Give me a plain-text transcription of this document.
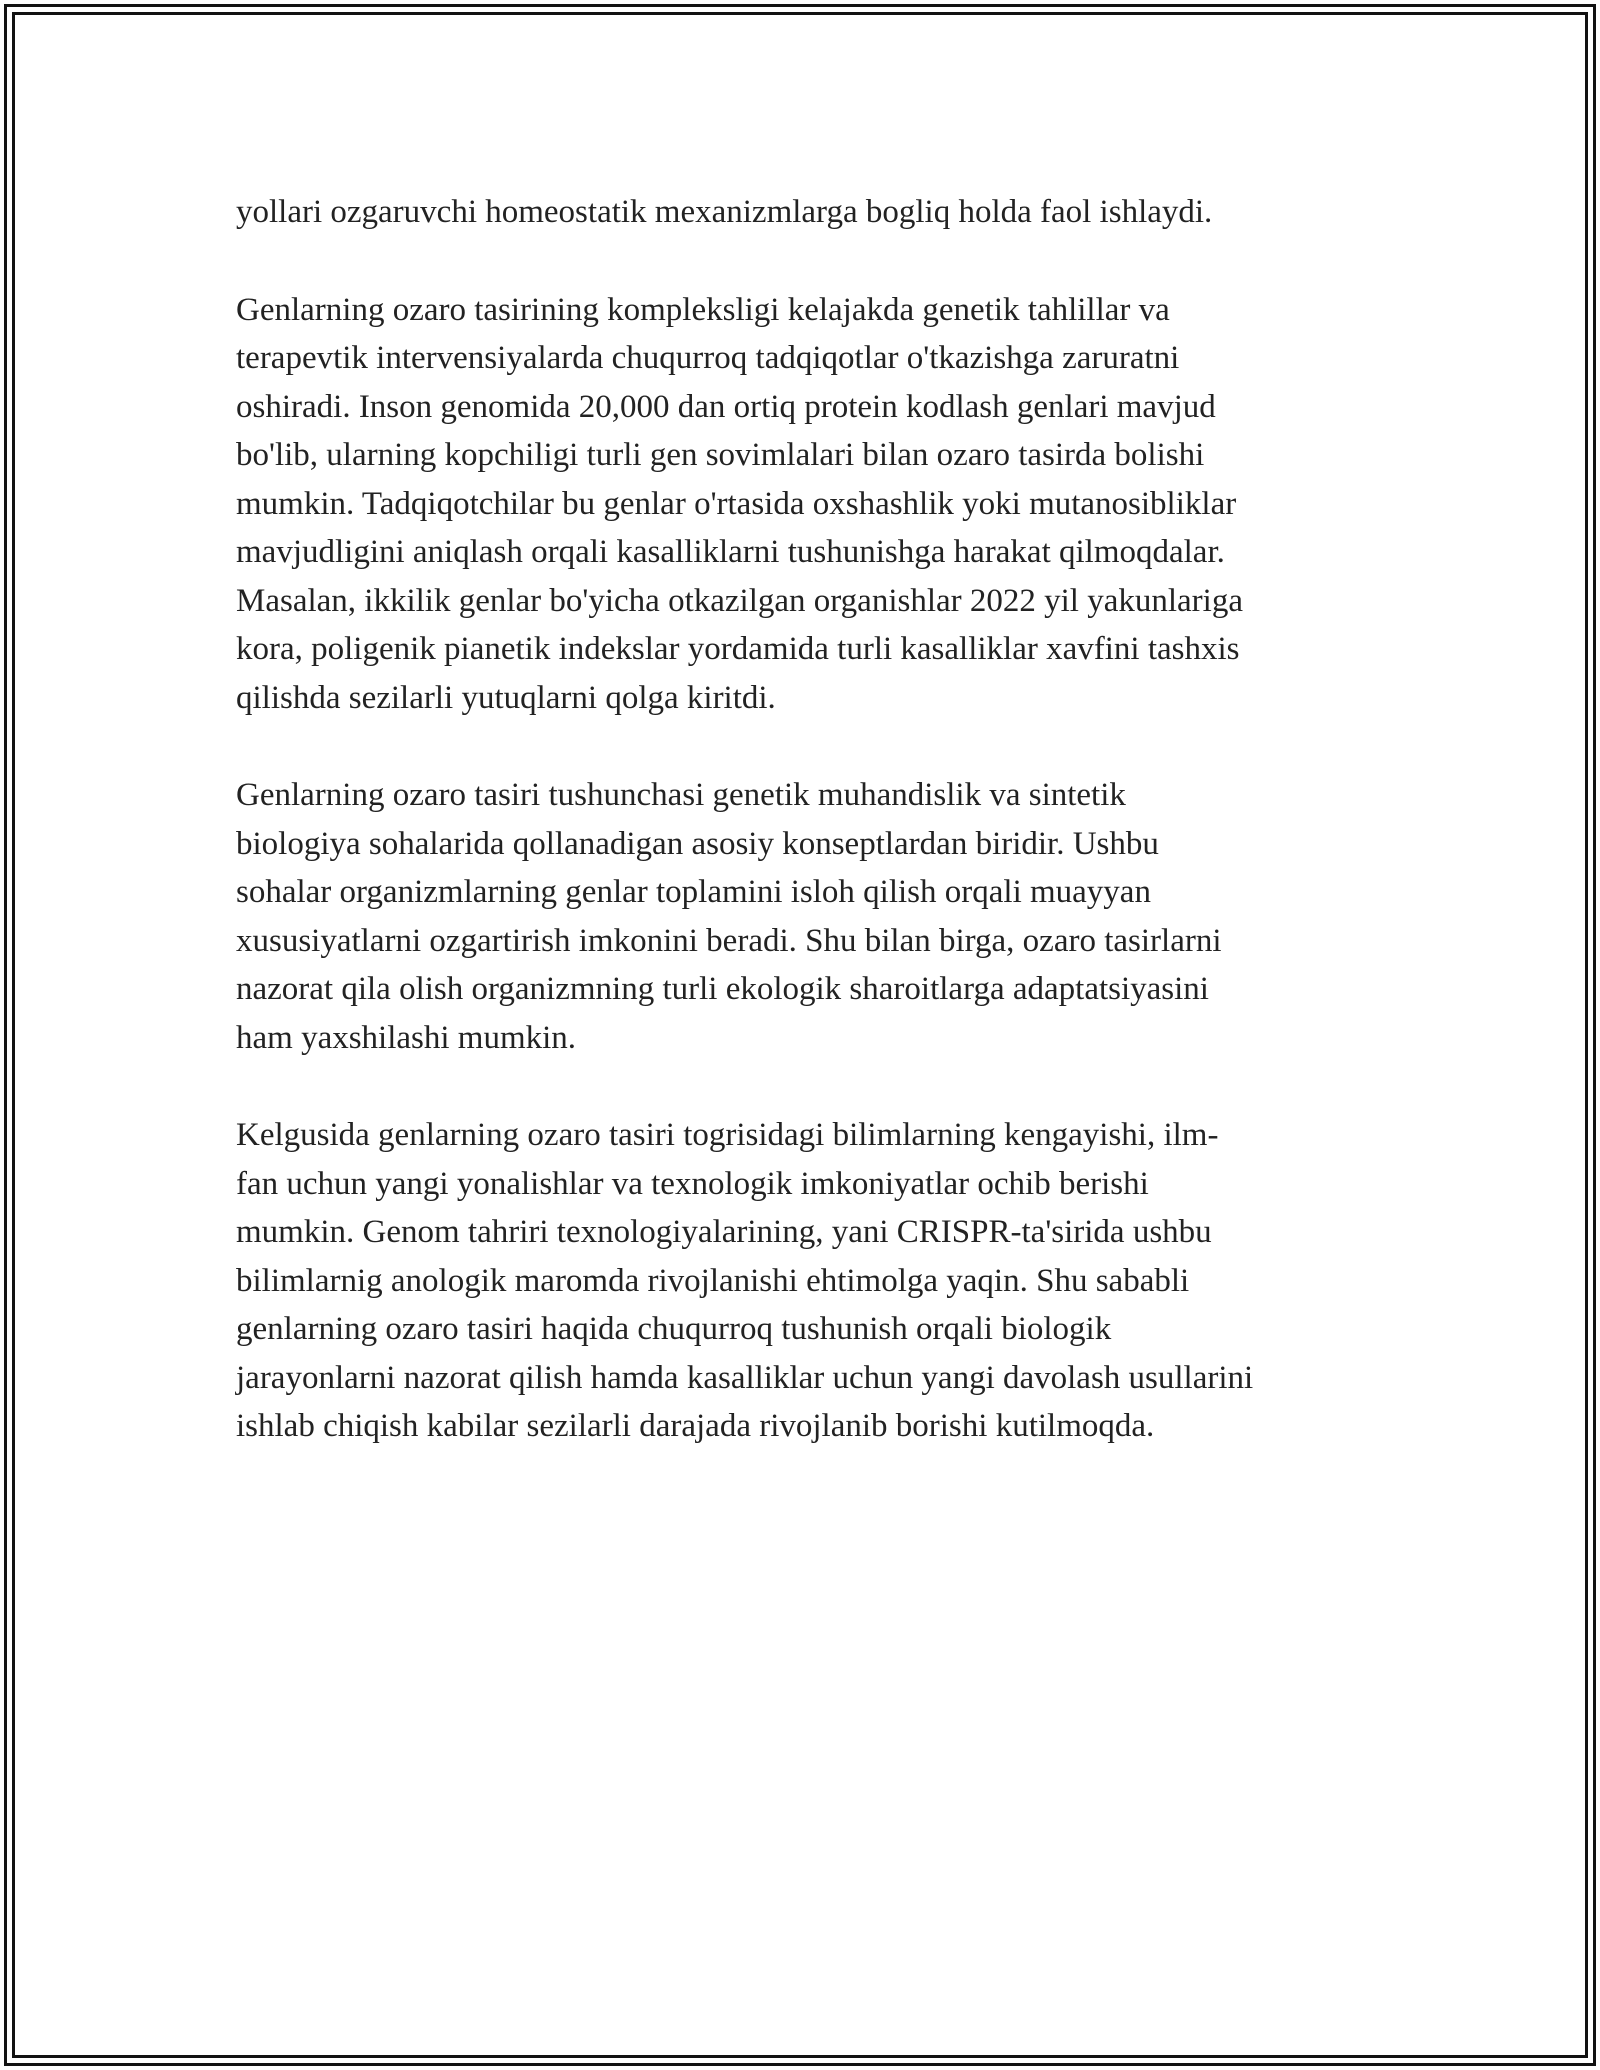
yollari ozgaruvchi homeostatik mexanizmlarga bogliq holda faol ishlaydi.

Genlarning ozaro tasirining kompleksligi kelajakda genetik tahlillar va
terapevtik intervensiyalarda chuqurroq tadqiqotlar o'tkazishga zaruratni
oshiradi. Inson genomida 20,000 dan ortiq protein kodlash genlari mavjud
bo'lib, ularning kopchiligi turli gen sovimlalari bilan ozaro tasirda bolishi
mumkin. Tadqiqotchilar bu genlar o'rtasida oxshashlik yoki mutanosibliklar
mavjudligini aniqlash orqali kasalliklarni tushunishga harakat qilmoqdalar.
Masalan, ikkilik genlar bo'yicha otkazilgan organishlar 2022 yil yakunlariga
kora, poligenik pianetik indekslar yordamida turli kasalliklar xavfini tashxis
qilishda sezilarli yutuqlarni qolga kiritdi.

Genlarning ozaro tasiri tushunchasi genetik muhandislik va sintetik
biologiya sohalarida qollanadigan asosiy konseptlardan biridir. Ushbu
sohalar organizmlarning genlar toplamini isloh qilish orqali muayyan
xususiyatlarni ozgartirish imkonini beradi. Shu bilan birga, ozaro tasirlarni
nazorat qila olish organizmning turli ekologik sharoitlarga adaptatsiyasini
ham yaxshilashi mumkin.

Kelgusida genlarning ozaro tasiri togrisidagi bilimlarning kengayishi, ilm-
fan uchun yangi yonalishlar va texnologik imkoniyatlar ochib berishi
mumkin. Genom tahriri texnologiyalarining, yani CRISPR-ta'sirida ushbu
bilimlarnig anologik maromda rivojlanishi ehtimolga yaqin. Shu sababli
genlarning ozaro tasiri haqida chuqurroq tushunish orqali biologik
jarayonlarni nazorat qilish hamda kasalliklar uchun yangi davolash usullarini
ishlab chiqish kabilar sezilarli darajada rivojlanib borishi kutilmoqda.
